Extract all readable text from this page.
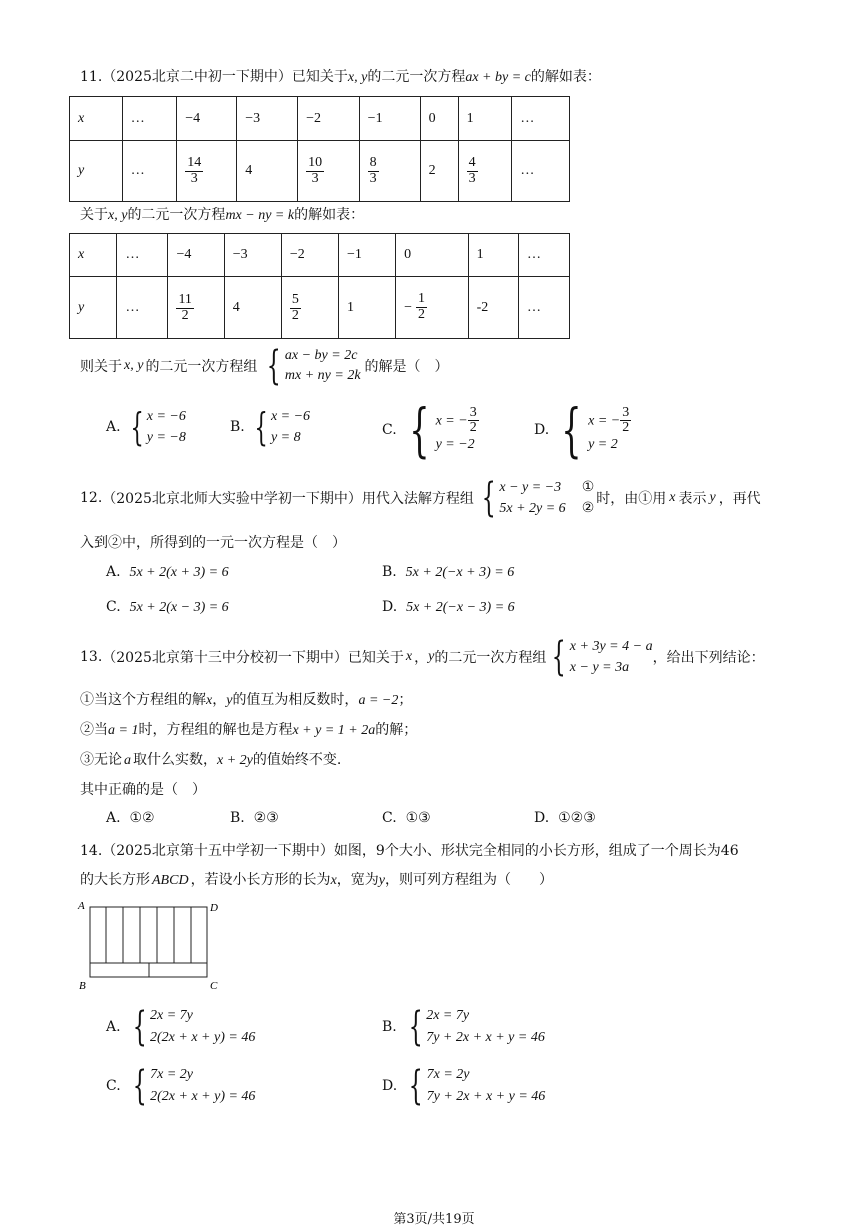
11.（2025北京二中初一下期中）已知关于x, y的二元一次方程ax + by = c的解如表：
x	…	−4	−3	−2	−1	0	1	…
y	…	$\frac{14}{3}$	4	$\frac{10}{3}$	$\frac{8}{3}$	2	$\frac{4}{3}$	…
关于x, y的二元一次方程mx − ny = k的解如表：
x	…	−4	−3	−2	−1	0	1	…
y	…	$\frac{11}{2}$	4	$\frac{5}{2}$	1	− $\frac{1}{2}$	-2	…
则关于 x, y 的二元一次方程组 { ax − by = 2c
mx + ny = 2k
的解是（　）
A. { x = −6
y = −8
B. { x = −6
y = 8	C. { x = − $\frac{3}{2}$
y = −2
D. { x = − $\frac{3}{2}$
y = 2
12. （2025北京北师大实验中学初一下期中） 用代入法解方程组 { x − y = −3
5x + 2y = 6
①
②
时，由①用 x 表示 y ，再代
入到②中，所得到的一元一次方程是（　）
A. 5x + 2(x + 3) = 6	B. 5x + 2(−x + 3) = 6
C. 5x + 2(x − 3) = 6	D. 5x + 2(−x − 3) = 6
13. （2025北京第十三中分校初一下期中） 已知关于 x ， y 的二元一次方程组 { x + 3y = 4 − a
x − y = 3a
，给出下列结论：
①当这个方程组的解x，y的值互为相反数时，a = −2；
②当a = 1时，方程组的解也是方程x + y = 1 + 2a的解；
③无论 a 取什么实数，x + 2y的值始终不变.
其中正确的是（　）
A. ①②	B. ②③	C. ①③	D. ①②③
14.（2025北京第十五中学初一下期中）如图，9个大小、形状完全相同的小长方形，组成了一个周长为46
的大长方形 ABCD ，若设小长方形的长为x，宽为y，则可列方程组为（　　）
A	D
B	C
A. { 2x = 7y
2(2x + x + y) = 46
B. { 2x = 7y
7y + 2x + x + y = 46
C. { 7x = 2y
2(2x + x + y) = 46
D. { 7x = 2y
7y + 2x + x + y = 46
第3页/共19页
